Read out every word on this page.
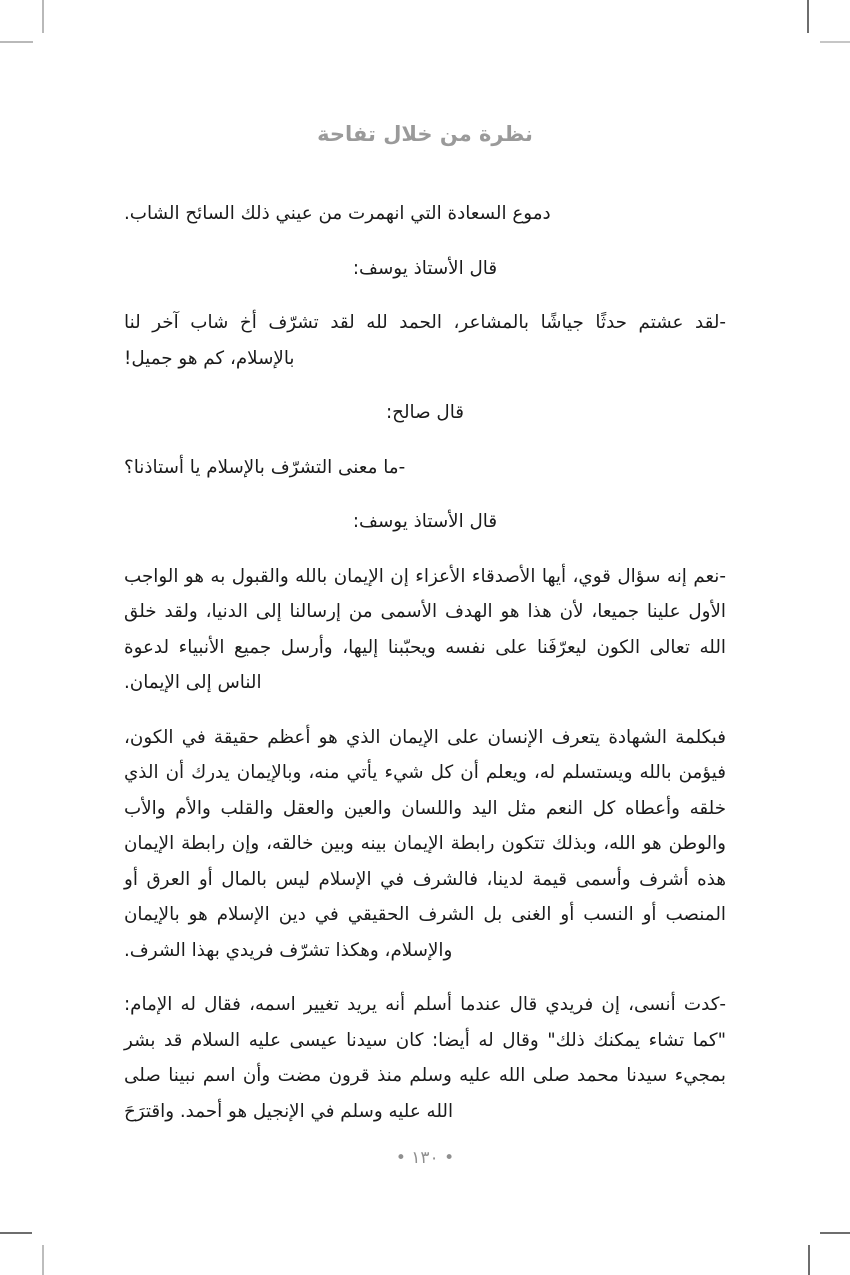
نظرة من خلال تفاحة

دموع السعادة التي انهمرت من عيني ذلك السائح الشاب.

قال الأستاذ يوسف:

-لقد عشتم حدثًا جياشًا بالمشاعر، الحمد لله لقد تشرّف أخ شاب آخر لنا بالإسلام، كم هو جميل!

قال صالح:

-ما معنى التشرّف بالإسلام يا أستاذنا؟

قال الأستاذ يوسف:

-نعم إنه سؤال قوي، أيها الأصدقاء الأعزاء إن الإيمان بالله والقبول به هو الواجب الأول علينا جميعا، لأن هذا هو الهدف الأسمى من إرسالنا إلى الدنيا، ولقد خلق الله تعالى الكون ليعرّفَنا على نفسه ويحبّبنا إليها، وأرسل جميع الأنبياء لدعوة الناس إلى الإيمان.

فبكلمة الشهادة يتعرف الإنسان على الإيمان الذي هو أعظم حقيقة في الكون، فيؤمن بالله ويستسلم له، ويعلم أن كل شيء يأتي منه، وبالإيمان يدرك أن الذي خلقه وأعطاه كل النعم مثل اليد واللسان والعين والعقل والقلب والأم والأب والوطن هو الله، وبذلك تتكون رابطة الإيمان بينه وبين خالقه، وإن رابطة الإيمان هذه أشرف وأسمى قيمة لدينا، فالشرف في الإسلام ليس بالمال أو العرق أو المنصب أو النسب أو الغنى بل الشرف الحقيقي في دين الإسلام هو بالإيمان والإسلام، وهكذا تشرّف فريدي بهذا الشرف.

-كدت أنسى، إن فريدي قال عندما أسلم أنه يريد تغيير اسمه، فقال له الإمام: "كما تشاء يمكنك ذلك" وقال له أيضا: كان سيدنا عيسى عليه السلام قد بشر بمجيء سيدنا محمد صلى الله عليه وسلم منذ قرون مضت وأن اسم نبينا صلى الله عليه وسلم في الإنجيل هو أحمد. واقترَحَ

• ١٣٠ •
